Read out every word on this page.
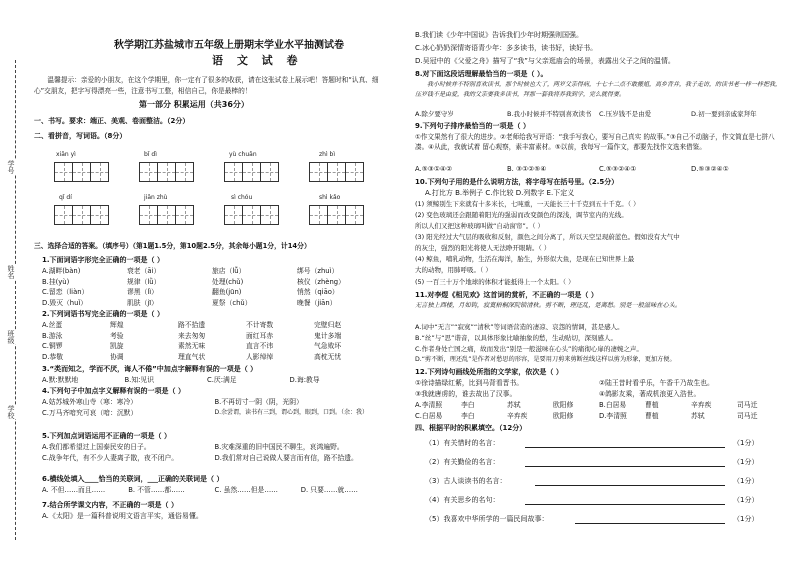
学号
姓名
班级
学校
秋学期江苏盐城市五年级上册期末学业水平抽测试卷
语 文 试 卷
温馨提示：亲爱的小朋友，在这个学期里，你一定有了很多的收获，请在这张试卷上展示吧！答题时和“认真、细心”交朋友，把字写得漂亮一些，注意书写工整，相信自己，你是最棒的！
第一部分 积累运用（共36分）
一、书写。要求：端正、美观、卷面整洁。（2分）
二、看拼音，写词语。（8分）
xiān yì	bǐ dì	yù chuān	zhì bì
qǐ dí	jiān zhù	sì chóu	shì kǎo
三、选择合适的答案。（填序号）（第1题1.5分，第10题2.5分，其余每小题1分，计14分）
1.下面词语字形完全正确的一项是（ ）
A.湖畔(bàn)	衰老（āi）	旅店（lǚ）	绑号（zhuì）
B.挂(yù)	规律（lǜ）	处理(chǔ)	核仪（zhèng）
C.留恋（liàn）	谬黑（lì）	翻鱼(jūn)	悄然（qiāo）
D.毁灭（huǐ）	肌肤（jī）	夏祭（chǔ）	晚餐（jiān）
2.下列词语书写完全正确的一项是（ ）
A.丝蛋	辉煌	路不拾遗	不计寄数	完壁归赵
B.游泳	考验	来去匆匆	面红耳赤	鬼计多端
C.铜锣	凯旋	素然无味	直言不讳	气急败坏
D.恭敬	协调	理直气状	人影绰绰	高枕无忧
3.“类而知之，学而不厌，诲人不倦”中加点字解释有误的一项是（ ）
A.默:默默地	B.知:见识	C.厌:满足	D.诲:教导
4.下列句子中加点字义解释有误的一项是（ ）
A.姑苏城外寒山寺（寒：寒冷）	B.不再切寸一阴（阴，光阴）
C.万马齐喑究可哀（喑：沉默）	D.余尝谓，读书有三到，谓心到，眼到，口到。（余：我）
5.下列加点词语运用不正确的一项是（ ）
A.我们都希望过上国泰民安的日子。	B.灾难深重的旧中国民不聊生，哀鸿遍野。
C.战争年代，有不少人妻离子散，夜不闭户。	D.我们常对自己说做人要言而有信，路不拾遗。
6.横线处填入____恰当的关联词，___正确的关联词是（ ）
A. 不但……而且……	B. 不管……都……	C. 虽然……但是……	D. 只要……就……
7.结合所学课文内容，不正确的一项是（ ）
A.《太阳》是一篇科普说明文语言平实，通俗易懂。
B.我们读《少年中国说》告诉我们少年时期强则国强。
C.冰心奶奶深情寄语青少年：多多读书，读书好，读好书。
D.吴冠中的《父爱之舟》描写了“我”与父亲逛庙会的场景，表露出父子之间的温情。
8.对下面这段话理解最恰当的一项是（ ）。
我小时候并不特别喜欢读书，那个时候也大了，两岁父亲得病，十七十二点不敢搬姐，离乡背井，我子走访，的读书老一样一样把我，压岁钱不是由爱，我的父亲要我多读书，拜那一套我将养我到学，完么就得要。
A.除夕要守岁	B.我小时候并不特别喜欢读书	C.压岁钱不是由爱	D.初一要到亲戚家拜年
9.下列句子排序最恰当的一项是（ ）
①作文果然有了很大的进步。②老师给我写评语：“我手写我心，要写自己真实 的故事。”③自己不动脑子，作文简直是七拼八凑。④从此，我就试着 留心观察，素丰富素材。⑤以前，我每写一篇作文，都要先找作文选来借鉴。
A.⑤③①④②	B. ③①②⑤④	C.⑤③②④①	D.⑤③②④①
10.下列句子用的是什么说明方法，将字母写在括号里。（2.5分）
A.打比方 B.举例子 C.作比较 D.列数字 E.下定义
(1) 须鲸别生下来就有十多米长，七吨重，一天能长三十千克到五十千克。（ ）
(2) 变色玻璃还会跟随着阳光的强弱而改变颜色的深浅，调节室内的光线。
所以人们又把这种玻璃叫做“自动窗帘”。（ ）
(3) 阳光经过大气层的吸收和反射，颜色之间分离了，所以天空呈现蔚蓝色。假如没有大气中
的灰尘，强烈的阳光将使人无法睁开眼睛。（ ）
(4) 鲸鱼，哺乳动物，生活在海洋，胎生，外形似大鱼，是现在已知世界上最
大的动物，用肺呼吸。（ ）
(5) 一百三十万个地球的体积才能抵得上一个太阳。（ ）
11.对李煜《相见欢》这首词的赏析，不正确的一项是（ ）
无言独上西楼，月如钩，寂寞梧桐深院锁清秋。剪不断，理还乱，是离愁。别是一般滋味在心头。
A.词中“无言”“寂寞”“清秋”等词语营造的凄凉、哀怨的情调，甚是感人。
B.“丝”与“思”谐音，以具体形象比喻抽象的愁，生动贴切，深刻感人。
C.作者身处亡国之痛，故而发出“别是一般滋味在心头”的痛彻心扉的凄婉之声。
D.“剪不断，理还乱”是作者对愁思的形容，是要用刀剪来剪断丝线这样以剪为形象，更加方便。
12.下列诗句画线处所指的文学家，依次是（ ）
①徐诗描绿红紫，比到马背看晋书。	②陆王昔时看乎乐，午香千乃故生也。
③我就唐虏的，谁去故出了汉事。	④鸽影友乘，著成机浪更入浩世。
A.李清照	李白	苏轼	欧阳修	B.白居易	曹植	辛弃疾	司马迁
C.白居易	李白	辛弃疾	欧阳修	D.李清照	曹植	苏轼	司马迁
四、根据平时的积累填空。（12分）
（1）有关惜时的名言：	（1分）
（2）有关勤俭的名言：	（1分）
（3）古人谈读书的名言：	（1分）
（4）有关思乡的名句：	（1分）
（5）我喜欢中华所学的一篇民间故事：	（1分）
